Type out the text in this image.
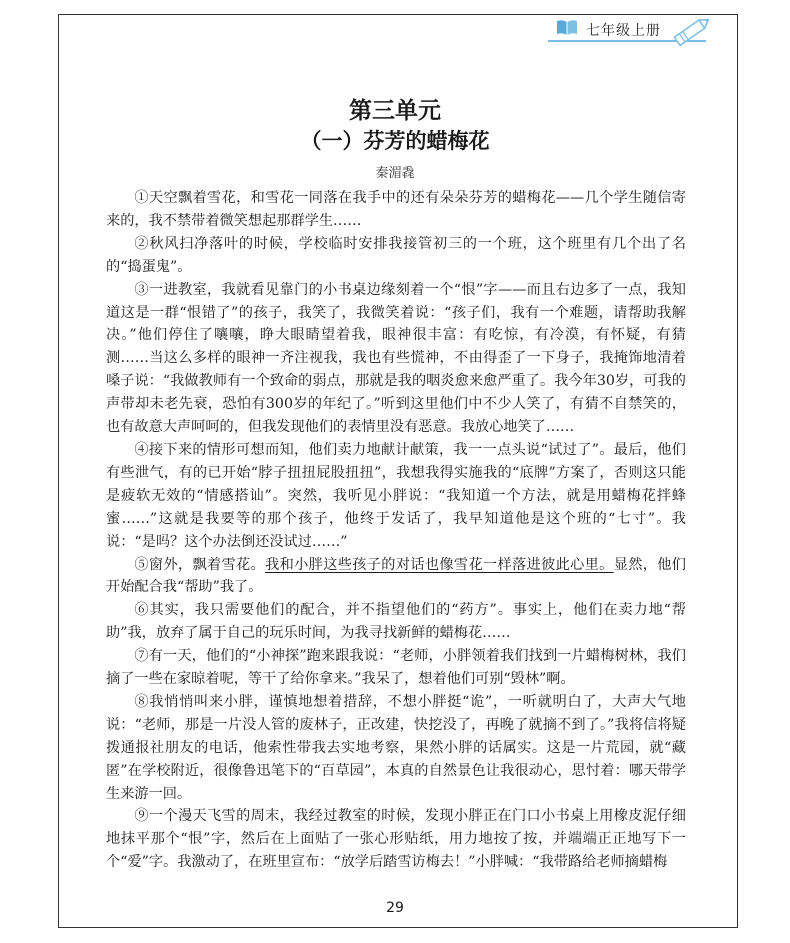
七年级上册
第三单元
（一）芬芳的蜡梅花
秦湄毳

①天空飘着雪花，和雪花一同落在我手中的还有朵朵芬芳的蜡梅花——几个学生随信寄来的，我不禁带着微笑想起那群学生……

②秋风扫净落叶的时候，学校临时安排我接管初三的一个班，这个班里有几个出了名的“捣蛋鬼”。

③一进教室，我就看见靠门的小书桌边缘刻着一个“恨”字——而且右边多了一点，我知道这是一群“恨错了”的孩子，我笑了，我微笑着说：“孩子们，我有一个难题，请帮助我解决。”他们停住了嚷嚷，睁大眼睛望着我，眼神很丰富：有吃惊，有冷漠，有怀疑，有猜测……当这么多样的眼神一齐注视我，我也有些慌神，不由得歪了一下身子，我掩饰地清着嗓子说：“我做教师有一个致命的弱点，那就是我的咽炎愈来愈严重了。我今年30岁，可我的声带却未老先衰，恐怕有300岁的年纪了。”听到这里他们中不少人笑了，有猜不自禁笑的，也有故意大声呵呵的，但我发现他们的表情里没有恶意。我放心地笑了……

④接下来的情形可想而知，他们卖力地献计献策，我一一点头说“试过了”。最后，他们有些泄气，有的已开始“脖子扭扭屁股扭扭”，我想我得实施我的“底牌”方案了，否则这只能是疲软无效的“情感搭讪”。突然，我听见小胖说：“我知道一个方法，就是用蜡梅花拌蜂蜜……”这就是我要等的那个孩子，他终于发话了，我早知道他是这个班的“七寸”。我说：“是吗？这个办法倒还没试过……”

⑤窗外，飘着雪花。我和小胖这些孩子的对话也像雪花一样落进彼此心里。显然，他们开始配合我“帮助”我了。

⑥其实，我只需要他们的配合，并不指望他们的“药方”。事实上，他们在卖力地“帮助”我，放弃了属于自己的玩乐时间，为我寻找新鲜的蜡梅花……

⑦有一天，他们的“小神探”跑来跟我说：“老师，小胖领着我们找到一片蜡梅树林，我们摘了一些在家晾着呢，等干了给你拿来。”我呆了，想着他们可别“毁林”啊。

⑧我悄悄叫来小胖，谨慎地想着措辞，不想小胖挺“诡”，一听就明白了，大声大气地说：“老师，那是一片没人管的废林子，正改建，快挖没了，再晚了就摘不到了。”我将信将疑拨通报社朋友的电话，他索性带我去实地考察，果然小胖的话属实。这是一片荒园，就“藏匿”在学校附近，很像鲁迅笔下的“百草园”，本真的自然景色让我很动心，思忖着：哪天带学生来游一回。

⑨一个漫天飞雪的周末，我经过教室的时候，发现小胖正在门口小书桌上用橡皮泥仔细地抹平那个“恨”字，然后在上面贴了一张心形贴纸，用力地按了按，并端端正正地写下一个“爱”字。我激动了，在班里宣布：“放学后踏雪访梅去！”小胖喊：“我带路给老师摘蜡梅

29
